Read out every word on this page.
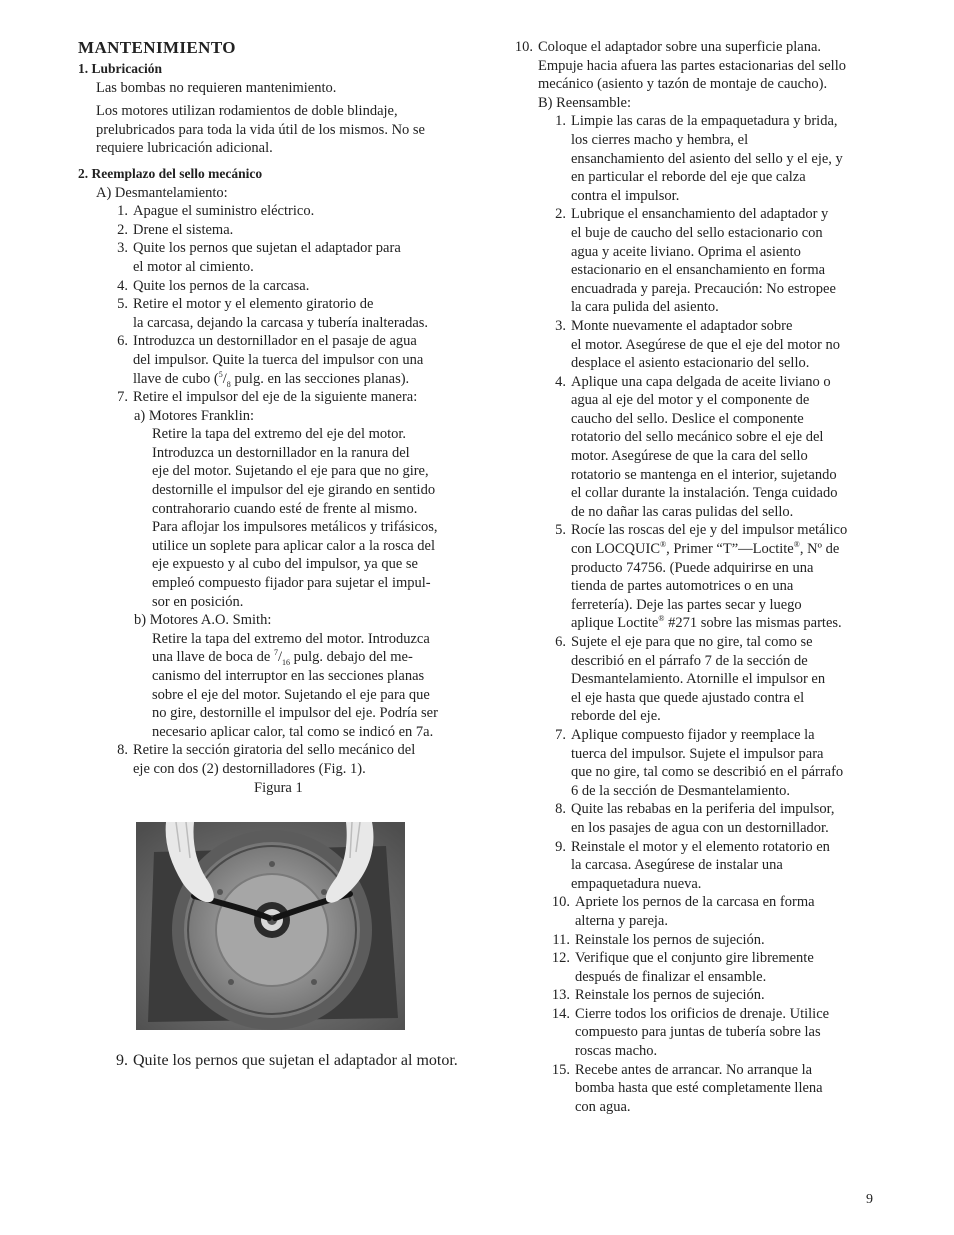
MANTENIMIENTO

1. Lubricación

Las bombas no requieren mantenimiento.

Los motores utilizan rodamientos de doble blindaje,

prelubricados para toda la vida útil de los mismos. No se

requiere lubricación adicional.

2. Reemplazo del sello mecánico

A) Desmantelamiento:

1. Apague el suministro eléctrico.
2. Drene el sistema.
3. Quite los pernos que sujetan el adaptador para
el motor al cimiento.
4. Quite los pernos de la carcasa.
5. Retire el motor y el elemento giratorio de
la carcasa, dejando la carcasa y tubería inalteradas.
6. Introduzca un destornillador en el pasaje de agua
del impulsor. Quite la tuerca del impulsor con una
llave de cubo ($^5/_8$ pulg. en las secciones planas).
7. Retire el impulsor del eje de la siguiente manera:

a) Motores Franklin:

Retire la tapa del extremo del eje del motor.

Introduzca un destornillador en la ranura del

eje del motor. Sujetando el eje para que no gire,

destornille el impulsor del eje girando en sentido

contrahorario cuando esté de frente al mismo.

Para aflojar los impulsores metálicos y trifásicos,

utilice un soplete para aplicar calor a la rosca del

eje expuesto y al cubo del impulsor, ya que se

empleó compuesto fijador para sujetar el impul-

sor en posición.

b) Motores A.O. Smith:

Retire la tapa del extremo del motor. Introduzca

una llave de boca de $^7/_{16}$ pulg. debajo del me-

canismo del interruptor en las secciones planas

sobre el eje del motor. Sujetando el eje para que

no gire, destornille el impulsor del eje. Podría ser

necesario aplicar calor, tal como se indicó en 7a.

8. Retire la sección giratoria del sello mecánico del
eje con dos (2) destornilladores (Fig. 1).

Figura 1

9. Quite los pernos que sujetan el adaptador al motor.
10. Coloque el adaptador sobre una superficie plana.
Empuje hacia afuera las partes estacionarias del sello
mecánico (asiento y tazón de montaje de caucho).

B) Reensamble:

1. Limpie las caras de la empaquetadura y brida,
los cierres macho y hembra, el
ensanchamiento del asiento del sello y el eje, y
en particular el reborde del eje que calza
contra el impulsor.
2. Lubrique el ensanchamiento del adaptador y
el buje de caucho del sello estacionario con
agua y aceite liviano. Oprima el asiento
estacionario en el ensanchamiento en forma
encuadrada y pareja. Precaución: No estropee
la cara pulida del asiento.
3. Monte nuevamente el adaptador sobre
el motor. Asegúrese de que el eje del motor no
desplace el asiento estacionario del sello.
4. Aplique una capa delgada de aceite liviano o
agua al eje del motor y el componente de
caucho del sello. Deslice el componente
rotatorio del sello mecánico sobre el eje del
motor. Asegúrese de que la cara del sello
rotatorio se mantenga en el interior, sujetando
el collar durante la instalación. Tenga cuidado
de no dañar las caras pulidas del sello.
5. Rocíe las roscas del eje y del impulsor metálico
con LOCQUIC®, Primer “T”—Loctite®, Nº de
producto 74756. (Puede adquirirse en una
tienda de partes automotrices o en una
ferretería). Deje las partes secar y luego
aplique Loctite® #271 sobre las mismas partes.
6. Sujete el eje para que no gire, tal como se
describió en el párrafo 7 de la sección de
Desmantelamiento. Atornille el impulsor en
el eje hasta que quede ajustado contra el
reborde del eje.
7. Aplique compuesto fijador y reemplace la
tuerca del impulsor. Sujete el impulsor para
que no gire, tal como se describió en el párrafo
6 de la sección de Desmantelamiento.
8. Quite las rebabas en la periferia del impulsor,
en los pasajes de agua con un destornillador.
9. Reinstale el motor y el elemento rotatorio en
la carcasa. Asegúrese de instalar una
empaquetadura nueva.
10. Apriete los pernos de la carcasa en forma
alterna y pareja.
11. Reinstale los pernos de sujeción.
12. Verifique que el conjunto gire libremente
después de finalizar el ensamble.
13. Reinstale los pernos de sujeción.
14. Cierre todos los orificios de drenaje. Utilice
compuesto para juntas de tubería sobre las
roscas macho.
15. Recebe antes de arrancar. No arranque la
bomba hasta que esté completamente llena
con agua.
9
